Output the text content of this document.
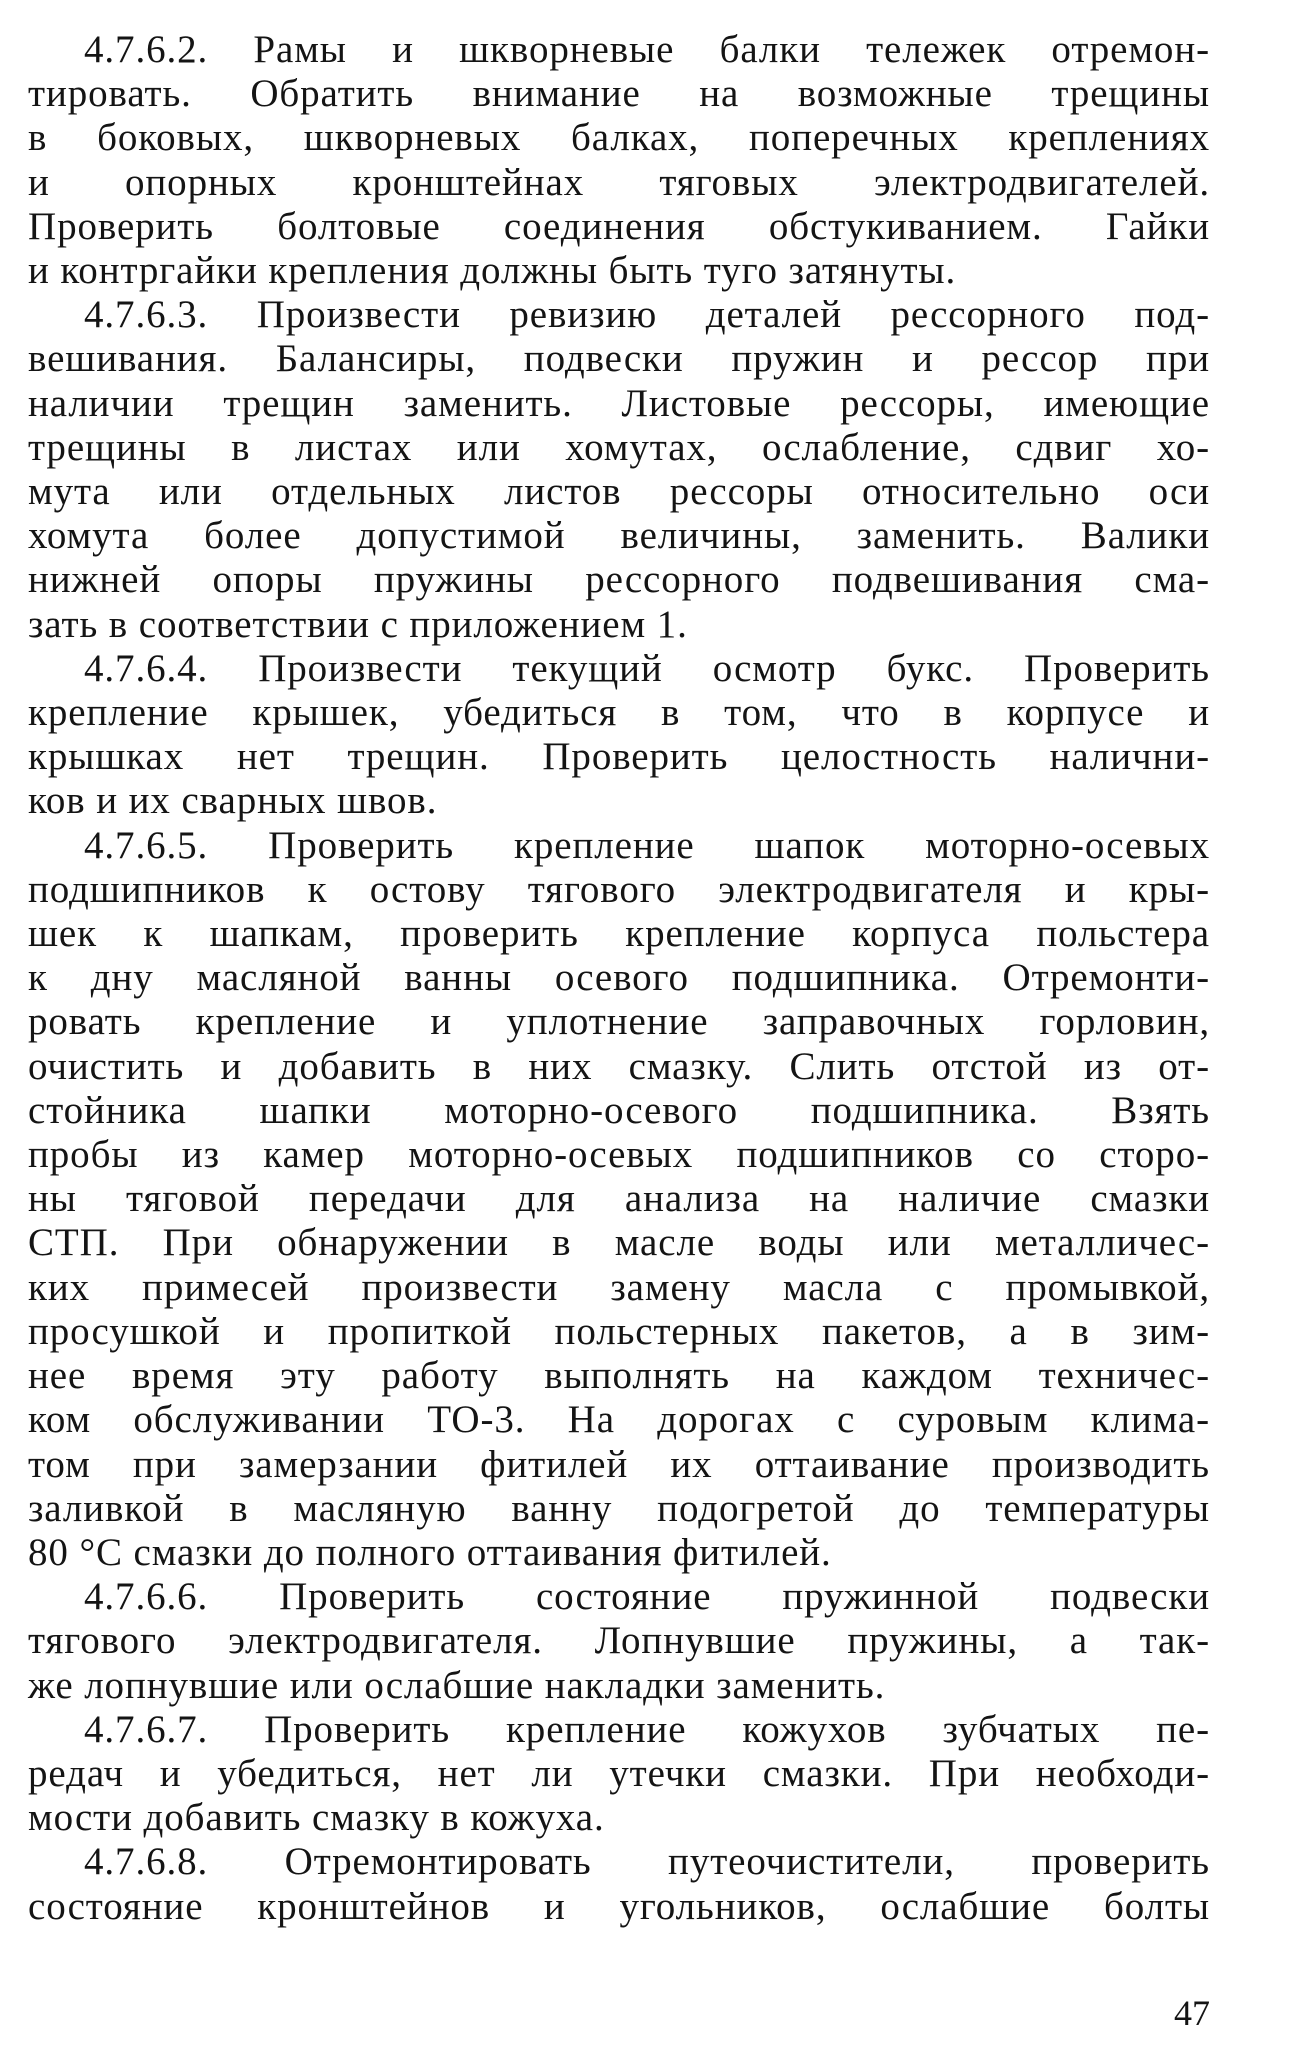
4.7.6.2. Рамы и шкворневые балки тележек отремон-
тировать. Обратить внимание на возможные трещины
в боковых, шкворневых балках, поперечных креплениях
и опорных кронштейнах тяговых электродвигателей.
Проверить болтовые соединения обстукиванием. Гайки
и контргайки крепления должны быть туго затянуты.
4.7.6.3. Произвести ревизию деталей рессорного под-
вешивания. Балансиры, подвески пружин и рессор при
наличии трещин заменить. Листовые рессоры, имеющие
трещины в листах или хомутах, ослабление, сдвиг хо-
мута или отдельных листов рессоры относительно оси
хомута более допустимой величины, заменить. Валики
нижней опоры пружины рессорного подвешивания сма-
зать в соответствии с приложением 1.
4.7.6.4. Произвести текущий осмотр букс. Проверить
крепление крышек, убедиться в том, что в корпусе и
крышках нет трещин. Проверить целостность налични-
ков и их сварных швов.
4.7.6.5. Проверить крепление шапок моторно-осевых
подшипников к остову тягового электродвигателя и кры-
шек к шапкам, проверить крепление корпуса польстера
к дну масляной ванны осевого подшипника. Отремонти-
ровать крепление и уплотнение заправочных горловин,
очистить и добавить в них смазку. Слить отстой из от-
стойника шапки моторно-осевого подшипника. Взять
пробы из камер моторно-осевых подшипников со сторо-
ны тяговой передачи для анализа на наличие смазки
СТП. При обнаружении в масле воды или металличес-
ких примесей произвести замену масла с промывкой,
просушкой и пропиткой польстерных пакетов, а в зим-
нее время эту работу выполнять на каждом техничес-
ком обслуживании ТО-3. На дорогах с суровым клима-
том при замерзании фитилей их оттаивание производить
заливкой в масляную ванну подогретой до температуры
80 °С смазки до полного оттаивания фитилей.
4.7.6.6. Проверить состояние пружинной подвески
тягового электродвигателя. Лопнувшие пружины, а так-
же лопнувшие или ослабшие накладки заменить.
4.7.6.7. Проверить крепление кожухов зубчатых пе-
редач и убедиться, нет ли утечки смазки. При необходи-
мости добавить смазку в кожуха.
4.7.6.8. Отремонтировать путеочистители, проверить
состояние кронштейнов и угольников, ослабшие болты
47
